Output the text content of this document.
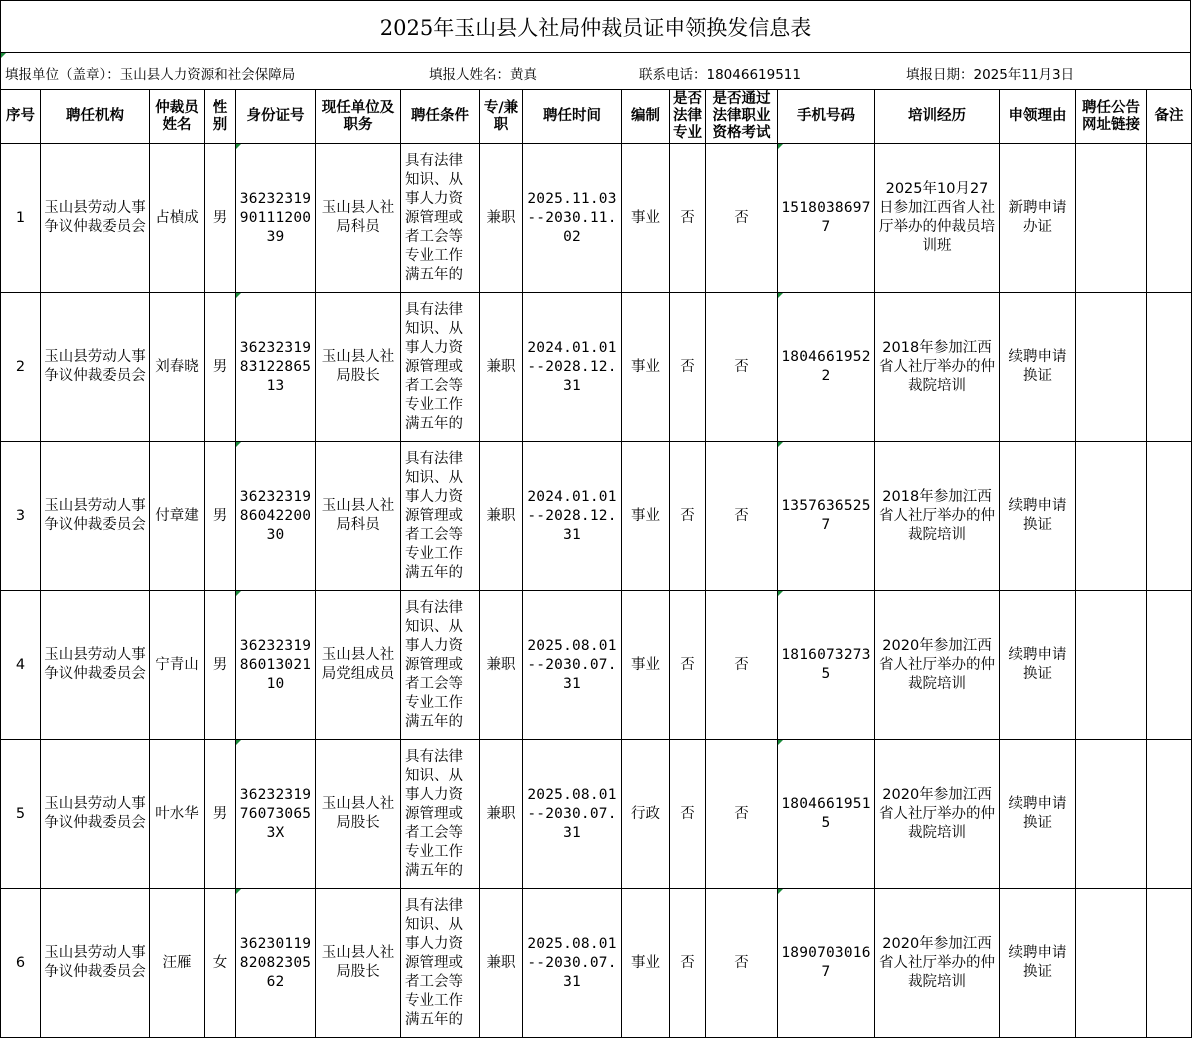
2025年玉山县人社局仲裁员证申领换发信息表
填报单位（盖章）：玉山县人力资源和社会保障局	填报人姓名：黄真	联系电话：18046619511	填报日期：2025年11月3日
序号	聘任机构	仲裁员姓名	性别	身份证号	现任单位及职务	聘任条件	专/兼职	聘任时间	编制	是否法律专业	是否通过法律职业资格考试	手机号码	培训经历	申领理由	聘任公告网址链接	备注

1	玉山县劳动人事争议仲裁委员会	占楨成	男	362323199011120039	玉山县人社局科员	具有法律知识、从事人力资源管理或者工会等专业工作满五年的	兼职	2025.11.03--2030.11.02	事业	否	否	15180386977	2025年10月27日参加江西省人社厅举办的仲裁员培训班	新聘申请办证		

2	玉山县劳动人事争议仲裁委员会	刘春晓	男	362323198312286513	玉山县人社局股长	具有法律知识、从事人力资源管理或者工会等专业工作满五年的	兼职	2024.01.01--2028.12.31	事业	否	否	18046619522	2018年参加江西省人社厅举办的仲裁院培训	续聘申请换证		

3	玉山县劳动人事争议仲裁委员会	付章建	男	362323198604220030	玉山县人社局科员	具有法律知识、从事人力资源管理或者工会等专业工作满五年的	兼职	2024.01.01--2028.12.31	事业	否	否	13576365257	2018年参加江西省人社厅举办的仲裁院培训	续聘申请换证		

4	玉山县劳动人事争议仲裁委员会	宁青山	男	362323198601302110	玉山县人社局党组成员	具有法律知识、从事人力资源管理或者工会等专业工作满五年的	兼职	2025.08.01--2030.07.31	事业	否	否	18160732735	2020年参加江西省人社厅举办的仲裁院培训	续聘申请换证		

5	玉山县劳动人事争议仲裁委员会	叶水华	男	36232319760730653X	玉山县人社局股长	具有法律知识、从事人力资源管理或者工会等专业工作满五年的	兼职	2025.08.01--2030.07.31	行政	否	否	18046619515	2020年参加江西省人社厅举办的仲裁院培训	续聘申请换证		

6	玉山县劳动人事争议仲裁委员会	汪雁	女	362301198208230562	玉山县人社局股长	具有法律知识、从事人力资源管理或者工会等专业工作满五年的	兼职	2025.08.01--2030.07.31	事业	否	否	18907030167	2020年参加江西省人社厅举办的仲裁院培训	续聘申请换证		
